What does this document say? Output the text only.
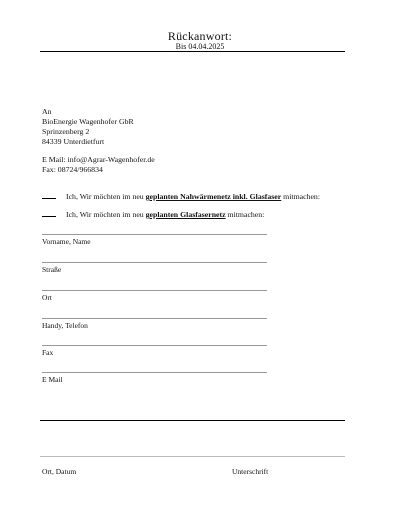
Rückanwort:
Bis 04.04.2025
An
BioEnergie Wagenhofer GbR
Sprinzenberg 2
84339 Unterdietfurt
E Mail: info@Agrar-Wagenhofer.de
Fax: 08724/966834
Ich, Wir möchten im neu geplanten Nahwärmenetz inkl. Glasfaser mitmachen:
Ich, Wir möchten im neu geplanten Glasfasernetz mitmachen:
Vorname, Name
Straße
Ort
Handy, Telefon
Fax
E Mail
Ort, Datum	Unterschrift
